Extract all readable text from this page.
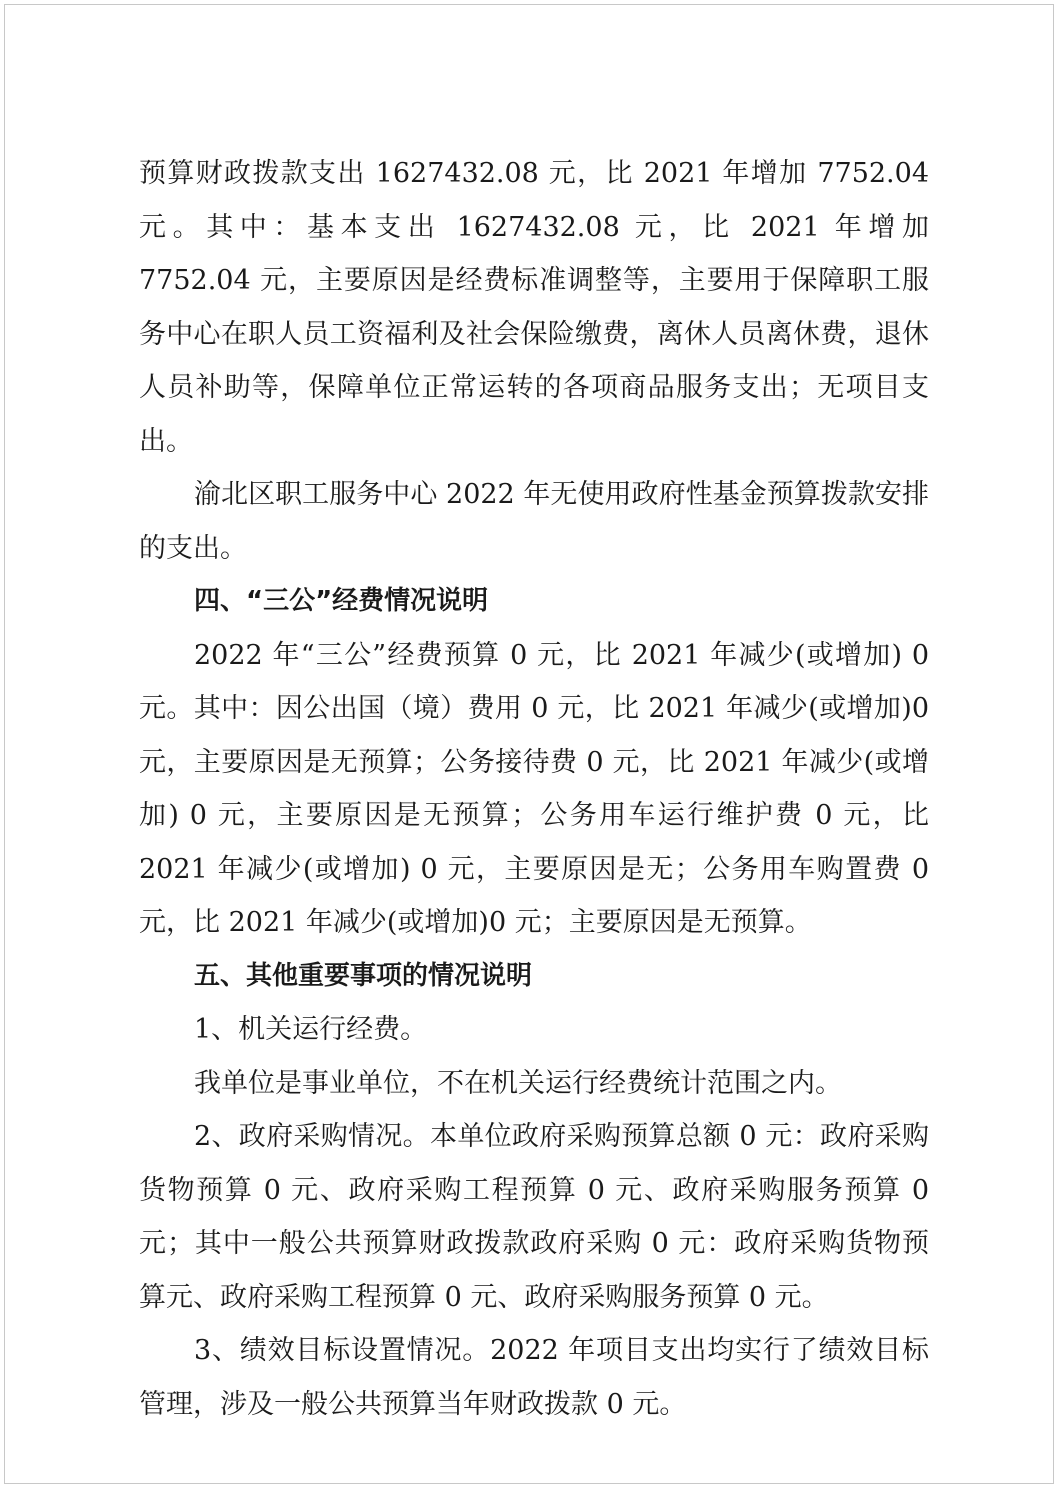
预算财政拨款支出 1627432.08 元，比 2021 年增加 7752.04 元。其中：基本支出 1627432.08 元，比 2021 年增加 7752.04 元，主要原因是经费标准调整等，主要用于保障职工服务中心在职人员工资福利及社会保险缴费，离休人员离休费，退休人员补助等，保障单位正常运转的各项商品服务支出；无项目支出。

渝北区职工服务中心 2022 年无使用政府性基金预算拨款安排的支出。

四、“三公”经费情况说明

2022 年“三公”经费预算 0 元，比 2021 年减少(或增加) 0 元。其中：因公出国（境）费用 0 元，比 2021 年减少(或增加)0 元，主要原因是无预算；公务接待费 0 元，比 2021 年减少(或增加) 0 元，主要原因是无预算；公务用车运行维护费 0 元，比 2021 年减少(或增加) 0 元，主要原因是无；公务用车购置费 0 元，比 2021 年减少(或增加)0 元；主要原因是无预算。

五、其他重要事项的情况说明

1、机关运行经费。

我单位是事业单位，不在机关运行经费统计范围之内。

2、政府采购情况。本单位政府采购预算总额 0 元：政府采购货物预算 0 元、政府采购工程预算 0 元、政府采购服务预算 0 元；其中一般公共预算财政拨款政府采购 0 元：政府采购货物预算元、政府采购工程预算 0 元、政府采购服务预算 0 元。

3、绩效目标设置情况。2022 年项目支出均实行了绩效目标管理，涉及一般公共预算当年财政拨款 0 元。
